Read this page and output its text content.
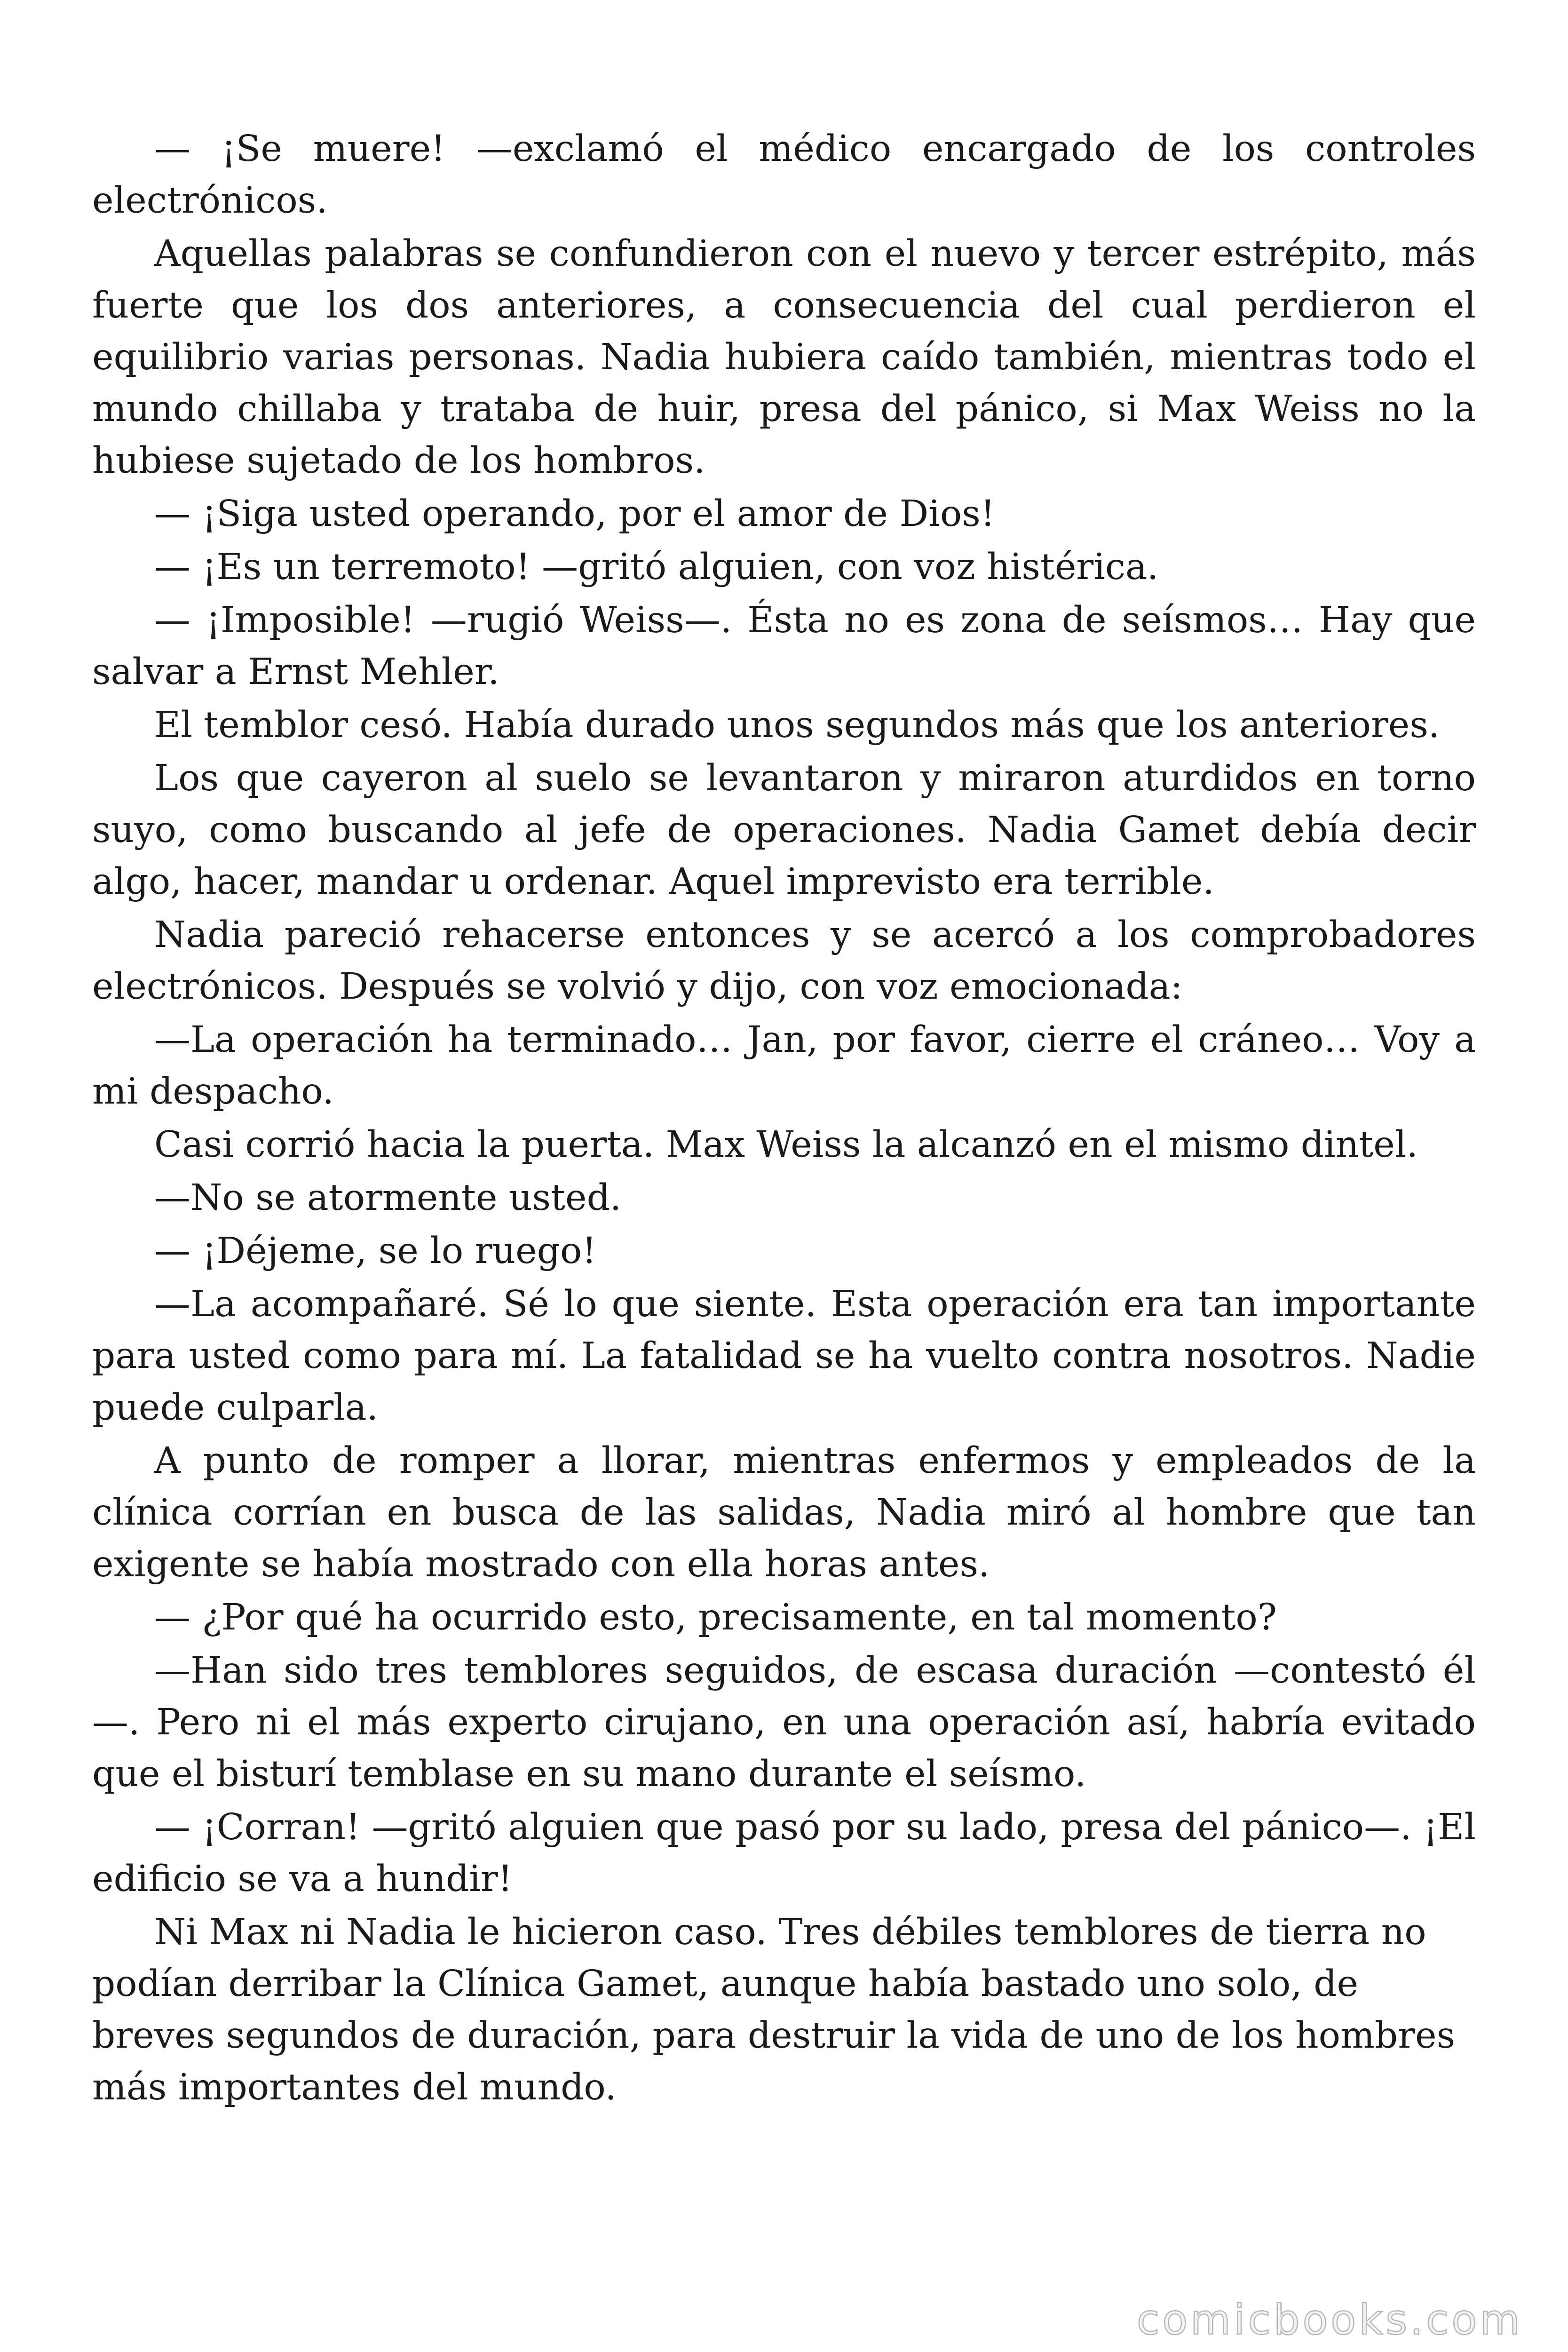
— ¡Se muere! —exclamó el médico encargado de los controles electrónicos.

Aquellas palabras se confundieron con el nuevo y tercer estrépito, más fuerte que los dos anteriores, a consecuencia del cual perdieron el equilibrio varias personas. Nadia hubiera caído también, mientras todo el mundo chillaba y trataba de huir, presa del pánico, si Max Weiss no la hubiese sujetado de los hombros.

— ¡Siga usted operando, por el amor de Dios!

— ¡Es un terremoto! —gritó alguien, con voz histérica.

— ¡Imposible! —rugió Weiss—. Ésta no es zona de seísmos… Hay que salvar a Ernst Mehler.

El temblor cesó. Había durado unos segundos más que los anteriores.

Los que cayeron al suelo se levantaron y miraron aturdidos en torno suyo, como buscando al jefe de operaciones. Nadia Gamet debía decir algo, hacer, mandar u ordenar. Aquel imprevisto era terrible.

Nadia pareció rehacerse entonces y se acercó a los comprobadores electrónicos. Después se volvió y dijo, con voz emocionada:

—La operación ha terminado… Jan, por favor, cierre el cráneo… Voy a mi despacho.

Casi corrió hacia la puerta. Max Weiss la alcanzó en el mismo dintel.

—No se atormente usted.

— ¡Déjeme, se lo ruego!

—La acompañaré. Sé lo que siente. Esta operación era tan importante para usted como para mí. La fatalidad se ha vuelto contra nosotros. Nadie puede culparla.

A punto de romper a llorar, mientras enfermos y empleados de la clínica corrían en busca de las salidas, Nadia miró al hombre que tan exigente se había mostrado con ella horas antes.

— ¿Por qué ha ocurrido esto, precisamente, en tal momento?

—Han sido tres temblores seguidos, de escasa duración —contestó él —. Pero ni el más experto cirujano, en una operación así, habría evitado que el bisturí temblase en su mano durante el seísmo.

— ¡Corran! —gritó alguien que pasó por su lado, presa del pánico—. ¡El edificio se va a hundir!

Ni Max ni Nadia le hicieron caso. Tres débiles temblores de tierra no podían derribar la Clínica Gamet, aunque había bastado uno solo, de breves segundos de duración, para destruir la vida de uno de los hombres más importantes del mundo.

comicbooks.com
